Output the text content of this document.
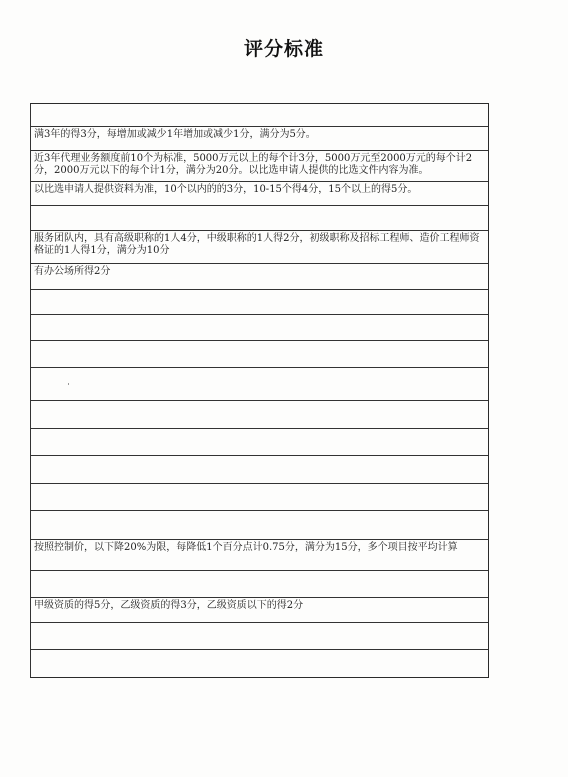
评分标准
满3年的得3分，每增加或减少1年增加或减少1分，满分为5分。
近3年代理业务额度前10个为标准，5000万元以上的每个计3分，5000万元至2000万元的每个计2分，2000万元以下的每个计1分，满分为20分。以比选申请人提供的比选文件内容为准。
以比选申请人提供资料为准，10个以内的的3分，10-15个得4分，15个以上的得5分。
服务团队内，具有高级职称的1人4分，中级职称的1人得2分，初级职称及招标工程师、造价工程师资格证的1人得1分，满分为10分
有办公场所得2分
按照控制价，以下降20%为限，每降低1个百分点计0.75分，满分为15分，多个项目按平均计算
甲级资质的得5分，乙级资质的得3分，乙级资质以下的得2分
